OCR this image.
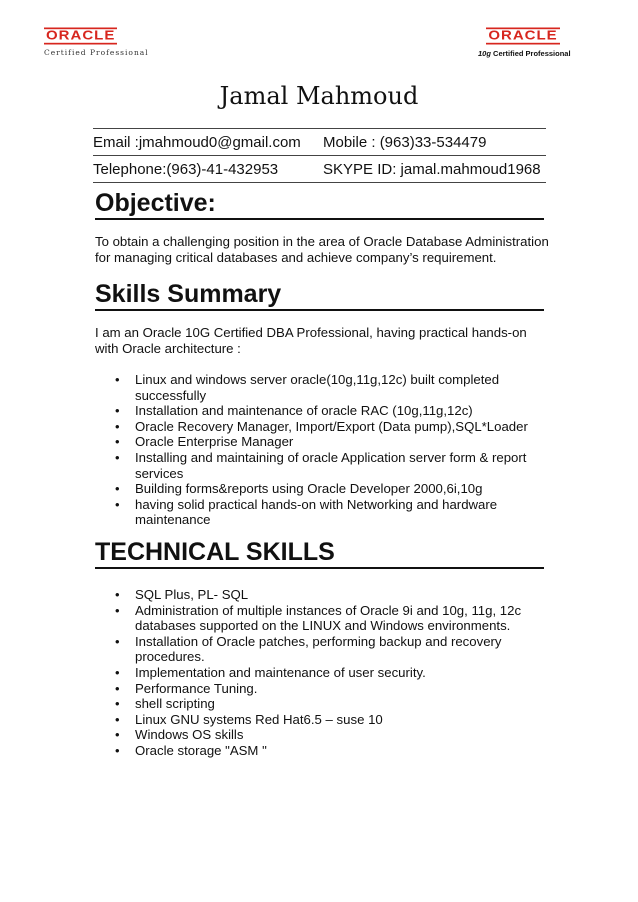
ORACLE
Certified Professional
ORACLE
10g Certified Professional
Jamal Mahmoud
Email :jmahmoud0@gmail.com	Mobile : (963)33-534479
Telephone:(963)-41-432953	SKYPE ID: jamal.mahmoud1968
Objective:
To obtain a challenging position in the area of Oracle Database Administration for managing critical databases and achieve company’s requirement.
Skills Summary
I am an Oracle 10G Certified DBA Professional, having practical hands-on with Oracle architecture :
• Linux and windows server oracle(10g,11g,12c) built completed successfully
• Installation and maintenance of oracle RAC (10g,11g,12c)
• Oracle Recovery Manager, Import/Export (Data pump),SQL*Loader
• Oracle Enterprise Manager
• Installing and maintaining of oracle Application server form & report services
• Building forms&reports using Oracle Developer 2000,6i,10g
• having solid practical hands-on with Networking and hardware maintenance
TECHNICAL SKILLS
• SQL Plus, PL- SQL
• Administration of multiple instances of Oracle 9i and 10g, 11g, 12c databases supported on the LINUX and Windows environments.
• Installation of Oracle patches, performing backup and recovery procedures.
• Implementation and maintenance of user security.
• Performance Tuning.
• shell scripting
• Linux GNU systems Red Hat6.5 – suse 10
• Windows OS skills
• Oracle storage "ASM "
